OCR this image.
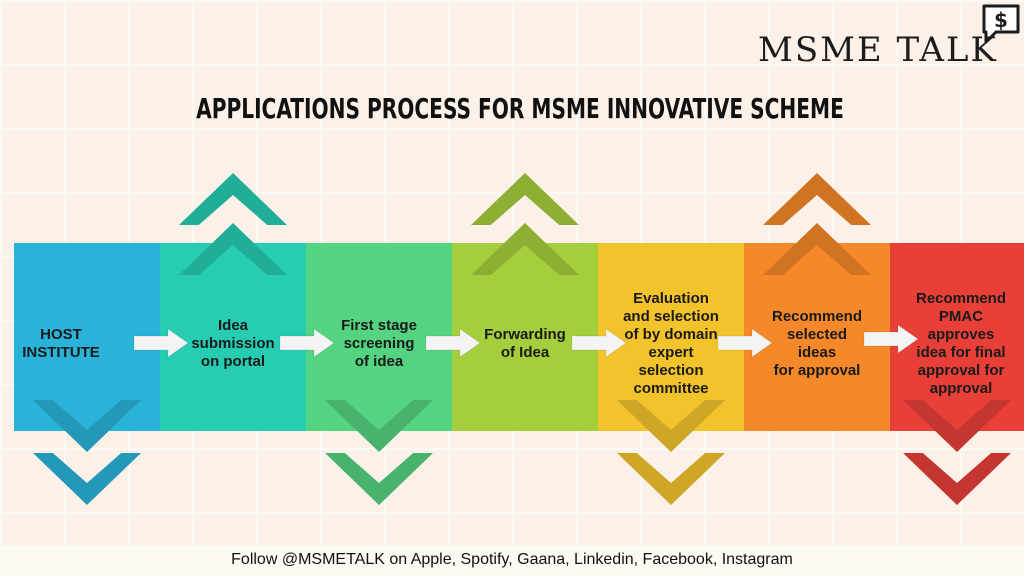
HOST INSTITUTE
Idea submission on portal
First stage screening of idea
Forwarding of Idea
Evaluation and selection of by domain expert selection committee
Recommend selected ideas for approval
Recommend PMAC approves idea for final approval for approval
$
MSME TALK
APPLICATIONS PROCESS FOR MSME INNOVATIVE SCHEME
Follow @MSMETALK on Apple, Spotify, Gaana, Linkedin, Facebook, Instagram
